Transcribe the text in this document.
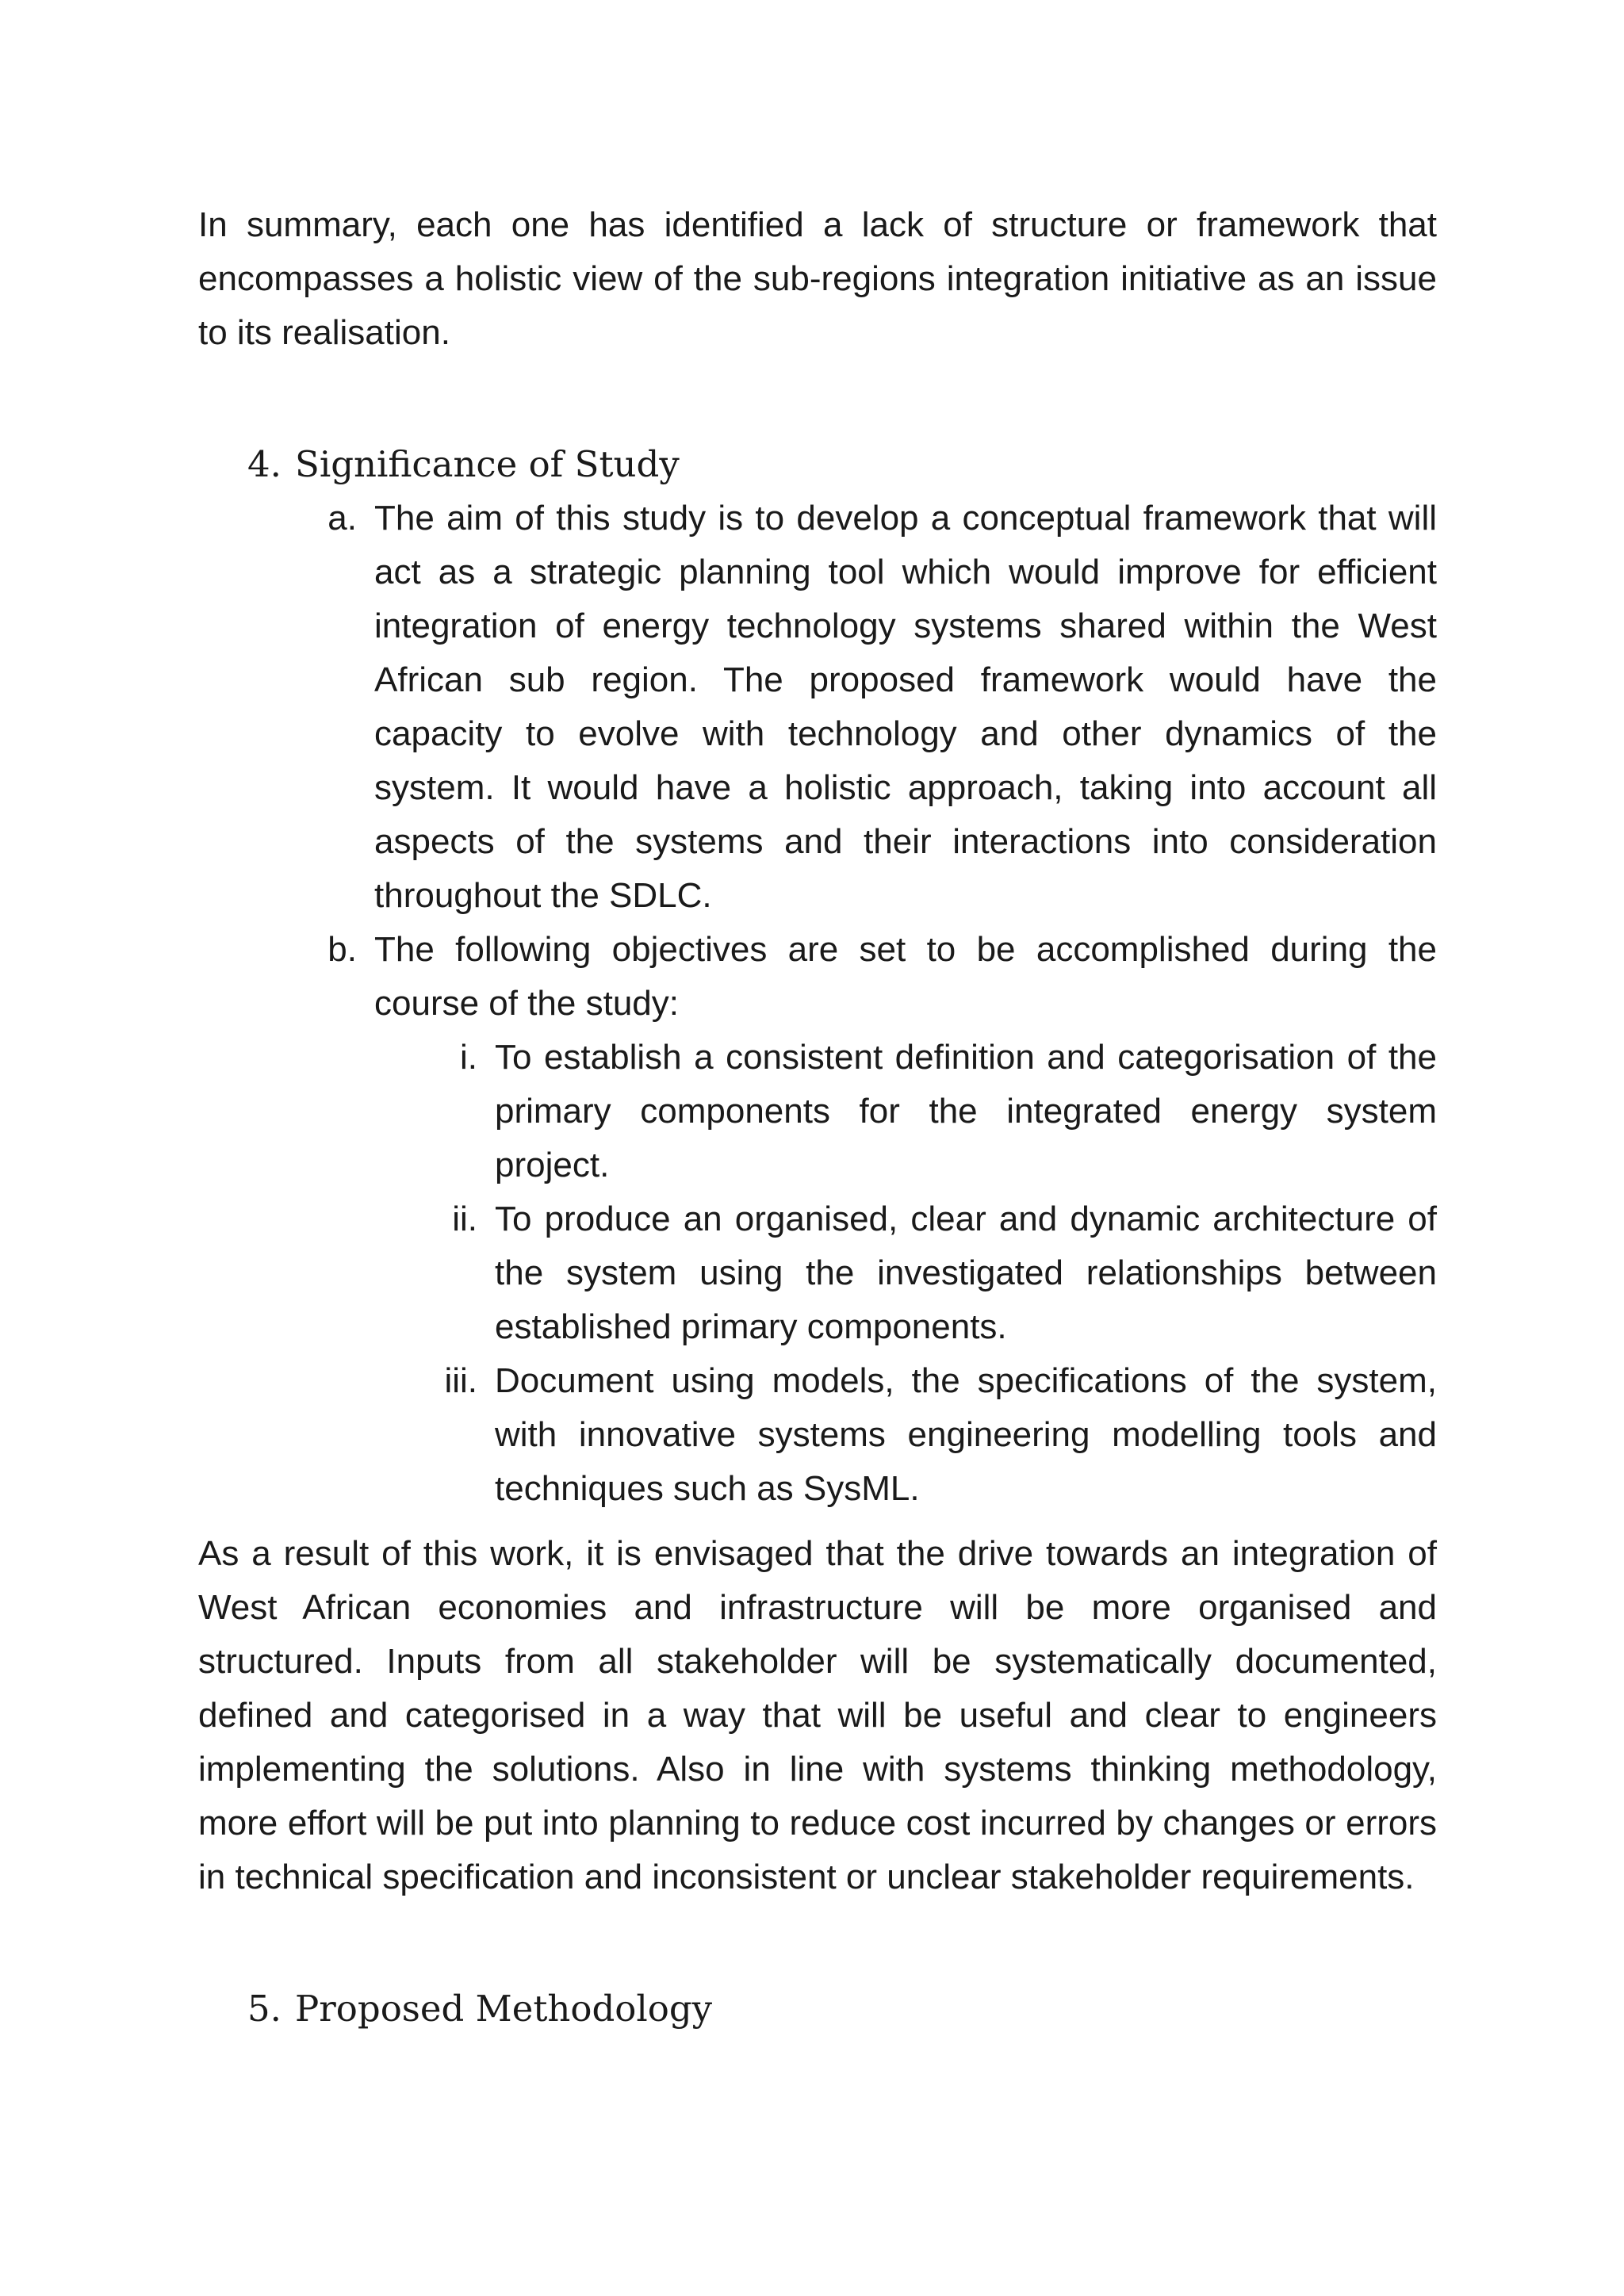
In summary, each one has identified a lack of structure or framework that encompasses a holistic view of the sub-regions integration initiative as an issue to its realisation.

4. Significance of Study
a. The aim of this study is to develop a conceptual framework that will act as a strategic planning tool which would improve for efficient integration of energy technology systems shared within the West African sub region. The proposed framework would have the capacity to evolve with technology and other dynamics of the system. It would have a holistic approach, taking into account all aspects of the systems and their interactions into consideration throughout the SDLC.
b. The following objectives are set to be accomplished during the course of the study:
i. To establish a consistent definition and categorisation of the primary components for the integrated energy system project.
ii. To produce an organised, clear and dynamic architecture of the system using the investigated relationships between established primary components.
iii. Document using models, the specifications of the system, with innovative systems engineering modelling tools and techniques such as SysML.

As a result of this work, it is envisaged that the drive towards an integration of West African economies and infrastructure will be more organised and structured. Inputs from all stakeholder will be systematically documented, defined and categorised in a way that will be useful and clear to engineers implementing the solutions. Also in line with systems thinking methodology, more effort will be put into planning to reduce cost incurred by changes or errors in technical specification and inconsistent or unclear stakeholder requirements.

5. Proposed Methodology
